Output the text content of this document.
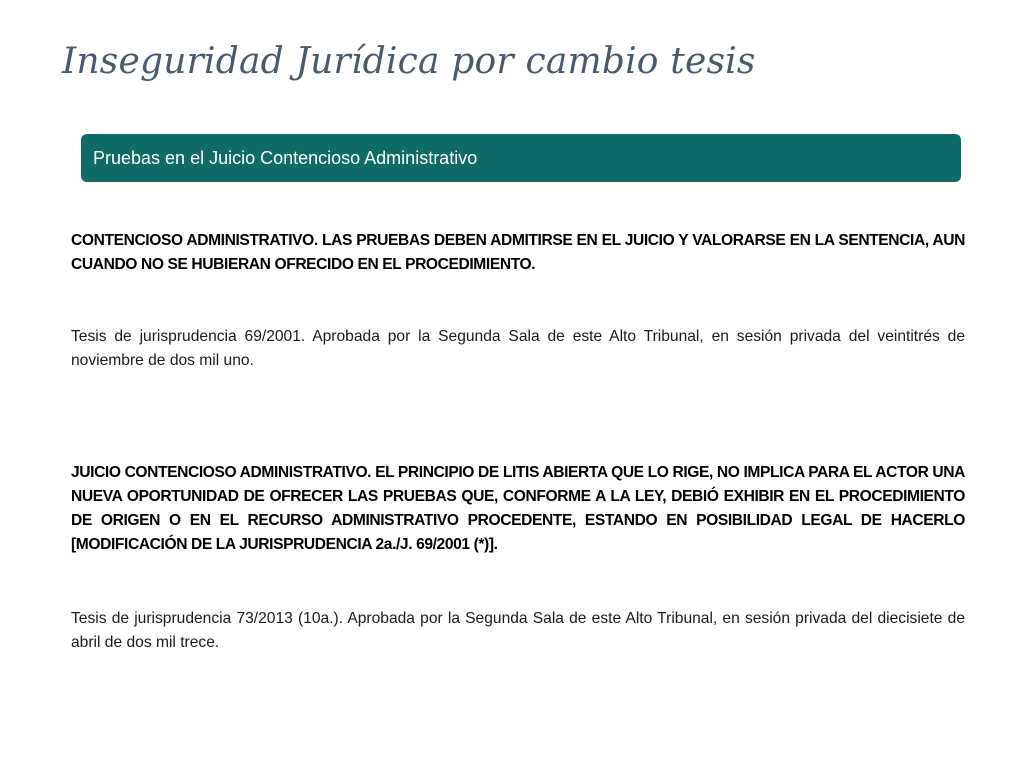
Inseguridad Jurídica por cambio tesis
Pruebas en el Juicio Contencioso Administrativo

CONTENCIOSO ADMINISTRATIVO. LAS PRUEBAS DEBEN ADMITIRSE EN EL JUICIO Y VALORARSE EN LA SENTENCIA, AUN CUANDO NO SE HUBIERAN OFRECIDO EN EL PROCEDIMIENTO.

Tesis de jurisprudencia 69/2001. Aprobada por la Segunda Sala de este Alto Tribunal, en sesión privada del veintitrés de noviembre de dos mil uno.

JUICIO CONTENCIOSO ADMINISTRATIVO. EL PRINCIPIO DE LITIS ABIERTA QUE LO RIGE, NO IMPLICA PARA EL ACTOR UNA NUEVA OPORTUNIDAD DE OFRECER LAS PRUEBAS QUE, CONFORME A LA LEY, DEBIÓ EXHIBIR EN EL PROCEDIMIENTO DE ORIGEN O EN EL RECURSO ADMINISTRATIVO PROCEDENTE, ESTANDO EN POSIBILIDAD LEGAL DE HACERLO [MODIFICACIÓN DE LA JURISPRUDENCIA 2a./J. 69/2001 (*)].

Tesis de jurisprudencia 73/2013 (10a.). Aprobada por la Segunda Sala de este Alto Tribunal, en sesión privada del diecisiete de abril de dos mil trece.
